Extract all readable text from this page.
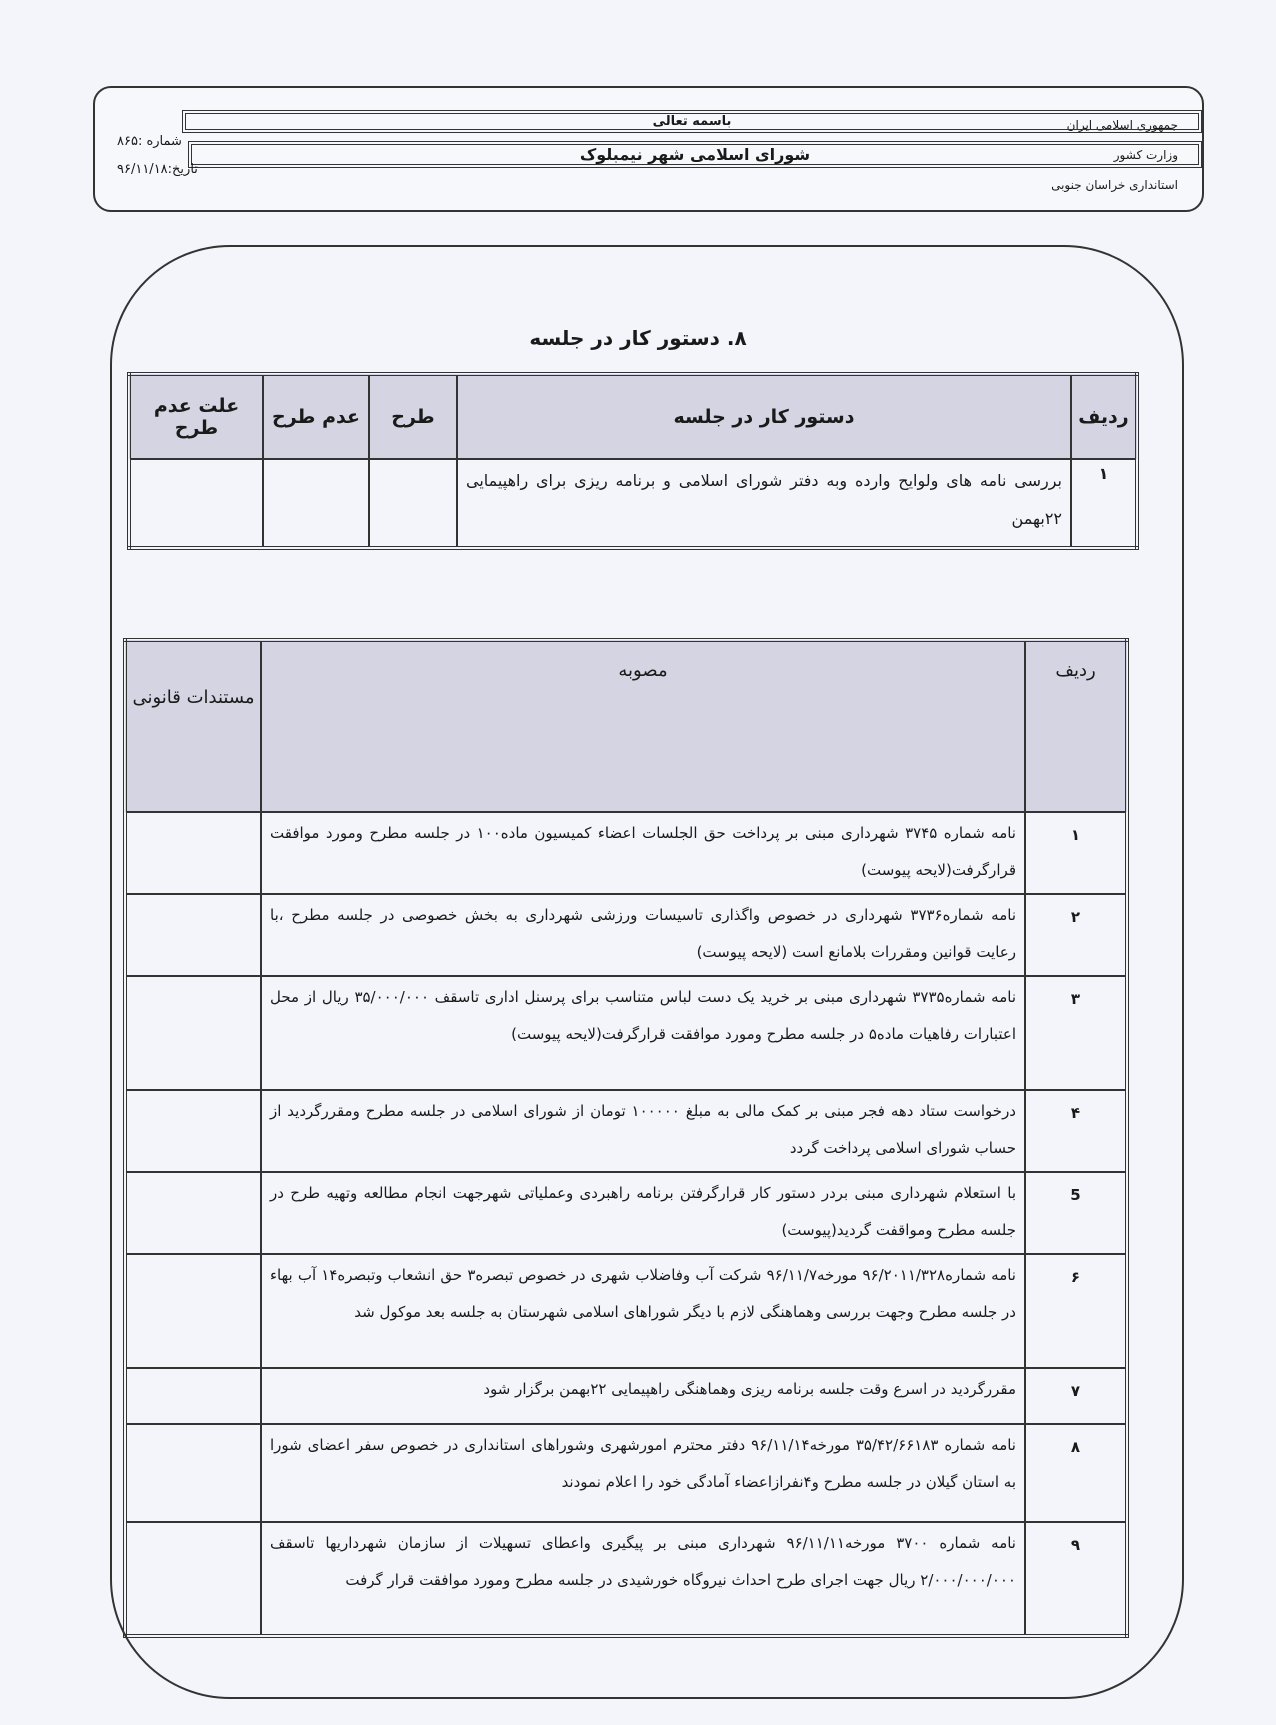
جمهوری اسلامی ایران
وزارت کشور
استانداری خراسان جنوبی
باسمه تعالی
شورای اسلامی شهر نیمبلوک
شماره :۸۶۵
تاریخ:۹۶/۱۱/۱۸
۸. دستور کار در جلسه
ردیف	دستور کار در جلسه	طرح	عدم طرح	علت عدم طرح
۱	بررسی نامه های ولوایح وارده وبه دفتر شورای اسلامی و برنامه ریزی برای راهپیمایی ۲۲بهمن			
ردیف	مصوبه	مستندات قانونی
۱	نامه شماره ۳۷۴۵ شهرداری مبنی بر پرداخت حق الجلسات اعضاء کمیسیون ماده۱۰۰ در جلسه مطرح ومورد موافقت قرارگرفت(لایحه پیوست)	
۲	نامه شماره۳۷۳۶ شهرداری در خصوص واگذاری تاسیسات ورزشی شهرداری به بخش خصوصی در جلسه مطرح ،با رعایت قوانین ومقررات بلامانع است (لایحه پیوست)	
۳	نامه شماره۳۷۳۵ شهرداری مبنی بر خرید یک دست لباس متناسب برای پرسنل اداری تاسقف ۳۵/۰۰۰/۰۰۰ ریال از محل اعتبارات رفاهیات ماده۵ در جلسه مطرح ومورد موافقت قرارگرفت(لایحه پیوست)	
۴	درخواست ستاد دهه فجر مبنی بر کمک مالی به مبلغ ۱۰۰۰۰۰ تومان از شورای اسلامی در جلسه مطرح ومقررگردید از حساب شورای اسلامی پرداخت گردد	
5	با استعلام شهرداری مبنی بردر دستور کار قرارگرفتن برنامه راهبردی وعملیاتی شهرجهت انجام مطالعه وتهیه طرح در جلسه مطرح ومواقفت گردید(پیوست)	
۶	نامه شماره۹۶/۲۰۱۱/۳۲۸ مورخه۹۶/۱۱/۷ شرکت آب وفاضلاب شهری در خصوص تبصره۳ حق انشعاب وتبصره۱۴ آب بهاء در جلسه مطرح وجهت بررسی وهماهنگی لازم با دیگر شوراهای اسلامی شهرستان به جلسه بعد موکول شد	
۷	مقررگردید در اسرع وقت جلسه برنامه ریزی وهماهنگی راهپیمایی ۲۲بهمن برگزار شود	
۸	نامه شماره ۳۵/۴۲/۶۶۱۸۳ مورخه۹۶/۱۱/۱۴ دفتر محترم امورشهری وشوراهای استانداری در خصوص سفر اعضای شورا به استان گیلان در جلسه مطرح و۴نفرازاعضاء آمادگی خود را اعلام نمودند	
۹	نامه شماره ۳۷۰۰ مورخه۹۶/۱۱/۱۱ شهرداری مبنی بر پیگیری واعطای تسهیلات از سازمان شهرداریها تاسقف ۲/۰۰۰/۰۰۰/۰۰۰ ریال جهت اجرای طرح احداث نیروگاه خورشیدی در جلسه مطرح ومورد موافقت قرار گرفت	
